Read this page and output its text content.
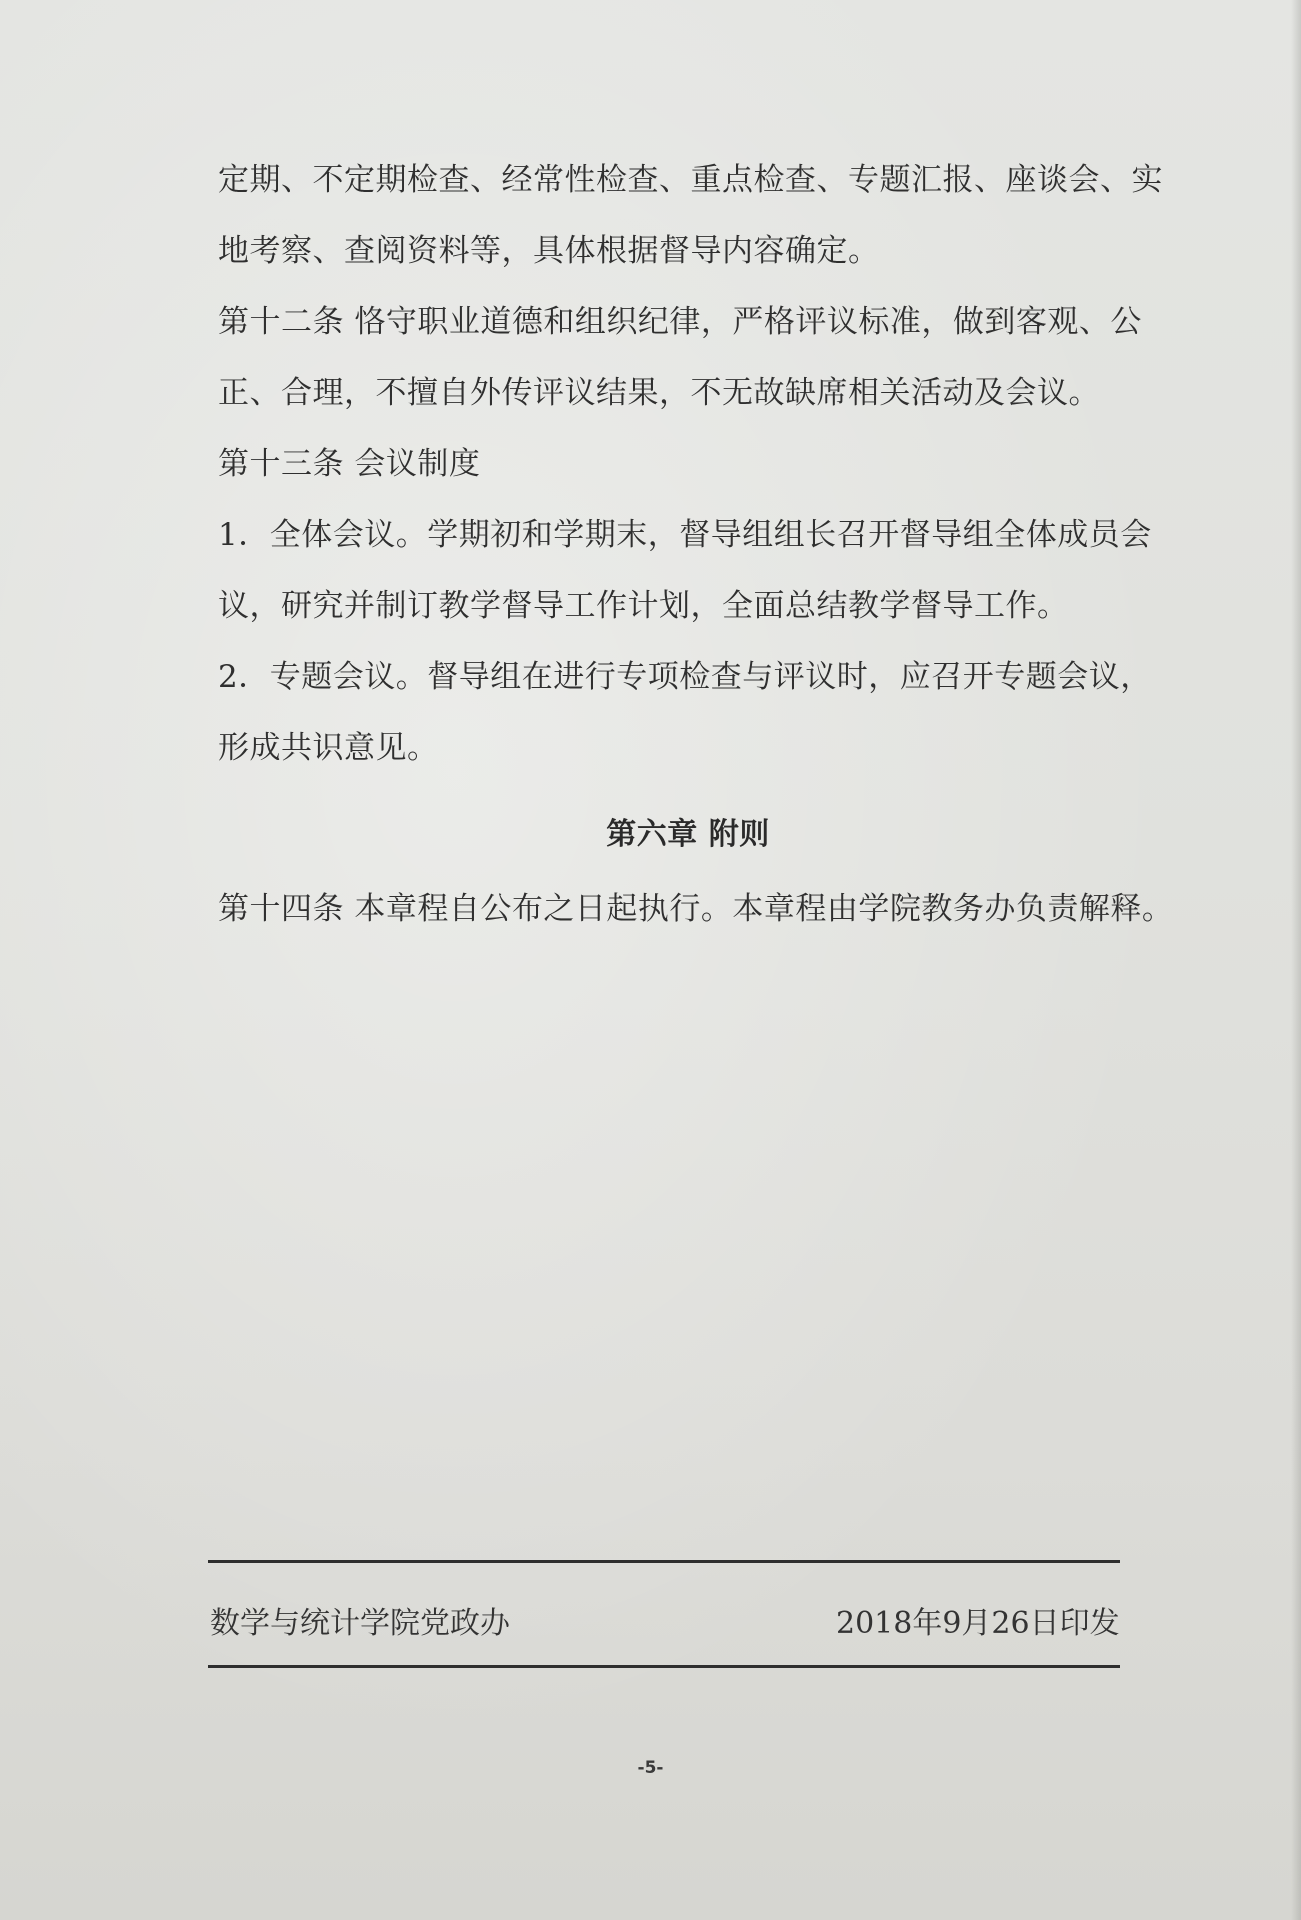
定期、不定期检查、经常性检查、重点检查、专题汇报、座谈会、实
地考察、查阅资料等，具体根据督导内容确定。
第十二条 恪守职业道德和组织纪律，严格评议标准，做到客观、公
正、合理，不擅自外传评议结果，不无故缺席相关活动及会议。
第十三条 会议制度
1．全体会议。学期初和学期末，督导组组长召开督导组全体成员会
议，研究并制订教学督导工作计划，全面总结教学督导工作。
2．专题会议。督导组在进行专项检查与评议时，应召开专题会议，
形成共识意见。
第六章 附则
第十四条 本章程自公布之日起执行。本章程由学院教务办负责解释。
数学与统计学院党政办	2018年9月26日印发
-5-
